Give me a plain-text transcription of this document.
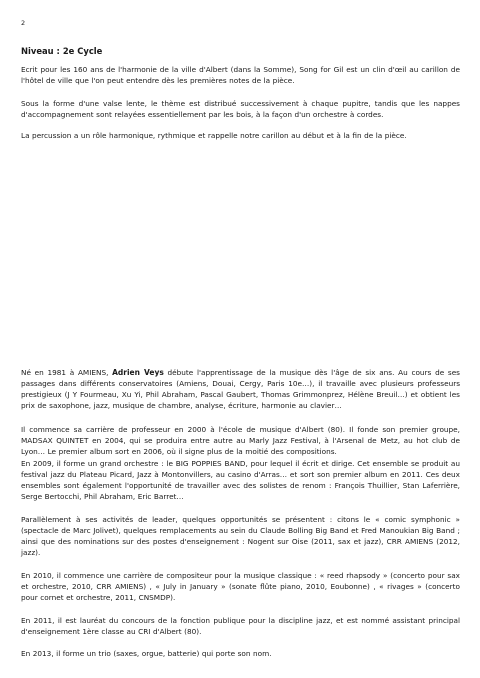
2
Niveau : 2e Cycle

Ecrit pour les 160 ans de l'harmonie de la ville d'Albert (dans la Somme), Song for Gil est un clin d'œil au carillon de l'hôtel de ville que l'on peut entendre dès les premières notes de la pièce.

Sous la forme d'une valse lente, le thème est distribué successivement à chaque pupitre, tandis que les nappes d'accompagnement sont relayées essentiellement par les bois, à la façon d'un orchestre à cordes.

La percussion a un rôle harmonique, rythmique et rappelle notre carillon au début et à la fin de la pièce.

Né en 1981 à AMIENS, Adrien Veys débute l'apprentissage de la musique dès l'âge de six ans. Au cours de ses passages dans différents conservatoires (Amiens, Douai, Cergy, Paris 10e…), il travaille avec plusieurs professeurs prestigieux (J Y Fourmeau, Xu Yi, Phil Abraham, Pascal Gaubert, Thomas Grimmonprez, Hélène Breuil…) et obtient les prix de saxophone, jazz, musique de chambre, analyse, écriture, harmonie au clavier…

Il commence sa carrière de professeur en 2000 à l'école de musique d'Albert (80). Il fonde son premier groupe, MADSAX QUINTET en 2004, qui se produira entre autre au Marly Jazz Festival, à l'Arsenal de Metz, au hot club de Lyon… Le premier album sort en 2006, où il signe plus de la moitié des compositions.

En 2009, il forme un grand orchestre : le BIG POPPIES BAND, pour lequel il écrit et dirige. Cet ensemble se produit au festival jazz du Plateau Picard, Jazz à Montonvillers, au casino d'Arras… et sort son premier album en 2011. Ces deux ensembles sont également l'opportunité de travailler avec des solistes de renom : François Thuillier, Stan Laferrière, Serge Bertocchi, Phil Abraham, Eric Barret…

Parallèlement à ses activités de leader, quelques opportunités se présentent : citons le « comic symphonic » (spectacle de Marc Jolivet), quelques remplacements au sein du Claude Bolling Big Band et Fred Manoukian Big Band ; ainsi que des nominations sur des postes d'enseignement : Nogent sur Oise (2011, sax et jazz), CRR AMIENS (2012, jazz).

En 2010, il commence une carrière de compositeur pour la musique classique : « reed rhapsody » (concerto pour sax et orchestre, 2010, CRR AMIENS) , « July in January » (sonate flûte piano, 2010, Eoubonne) , « rivages » (concerto pour cornet et orchestre, 2011, CNSMDP).

En 2011, il est lauréat du concours de la fonction publique pour la discipline jazz, et est nommé assistant principal d'enseignement 1ère classe au CRI d'Albert (80).

En 2013, il forme un trio (saxes, orgue, batterie) qui porte son nom.
